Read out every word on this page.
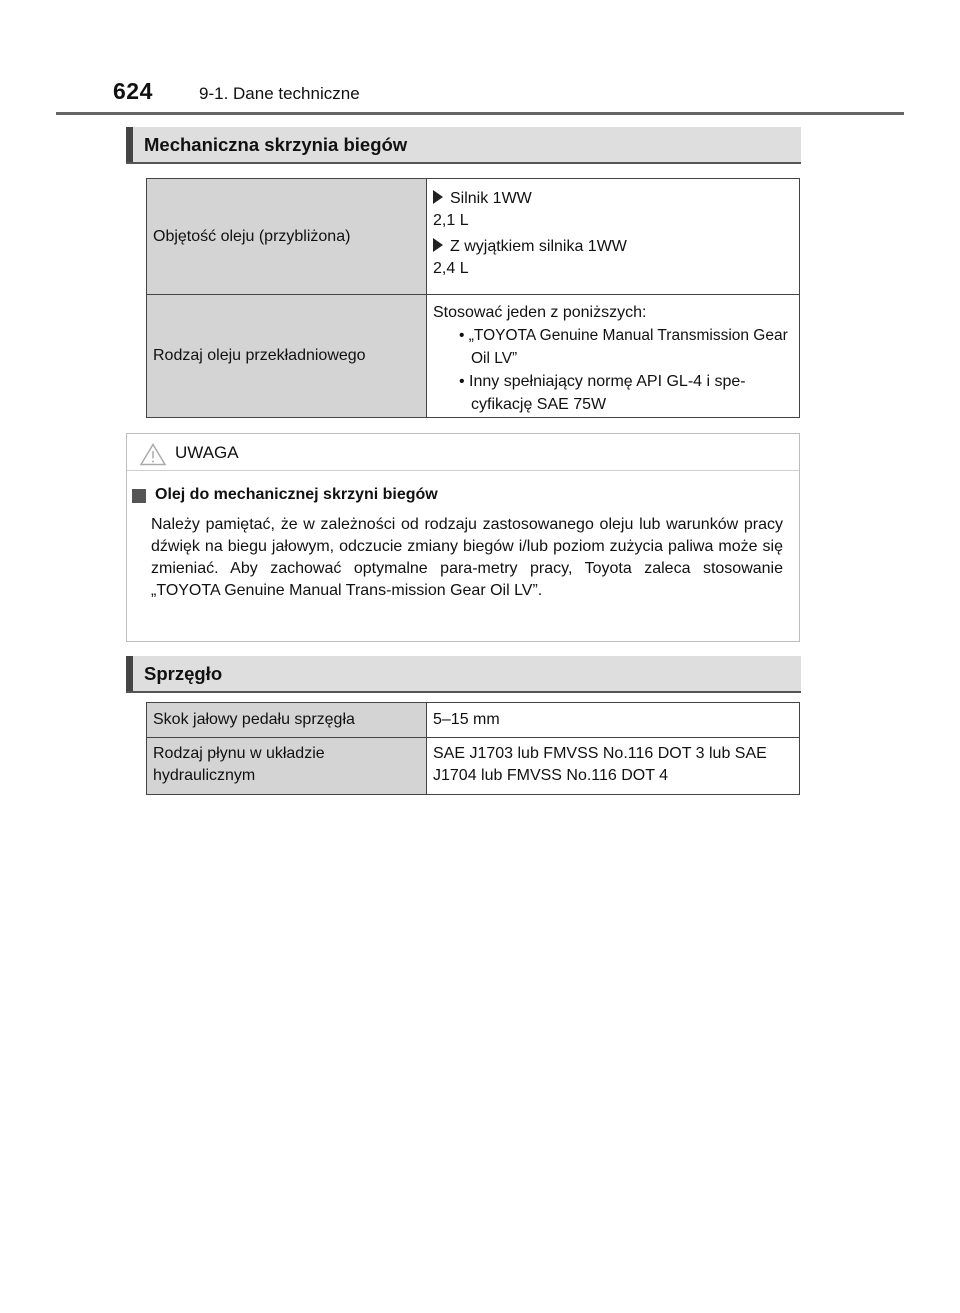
624	9-1. Dane techniczne
Mechaniczna skrzynia biegów
Objętość oleju (przybliżona)	Silnik 1WW
2,1 L
Z wyjątkiem silnika 1WW
2,4 L

Rodzaj oleju przekładniowego	Stosować jeden z poniższych:
• „TOYOTA Genuine Manual Transmission Gear Oil LV”
• Inny spełniający normę API GL-4 i spe-cyfikację SAE 75W
UWAGA
Olej do mechanicznej skrzyni biegów
Należy pamiętać, że w zależności od rodzaju zastosowanego oleju lub warunków pracy dźwięk na biegu jałowym, odczucie zmiany biegów i/lub poziom zużycia paliwa może się zmieniać. Aby zachować optymalne para-metry pracy, Toyota zaleca stosowanie „TOYOTA Genuine Manual Trans-mission Gear Oil LV”.
Sprzęgło
Skok jałowy pedału sprzęgła	5–15 mm
Rodzaj płynu w układzie hydraulicznym	SAE J1703 lub FMVSS No.116 DOT 3 lub SAE J1704 lub FMVSS No.116 DOT 4
